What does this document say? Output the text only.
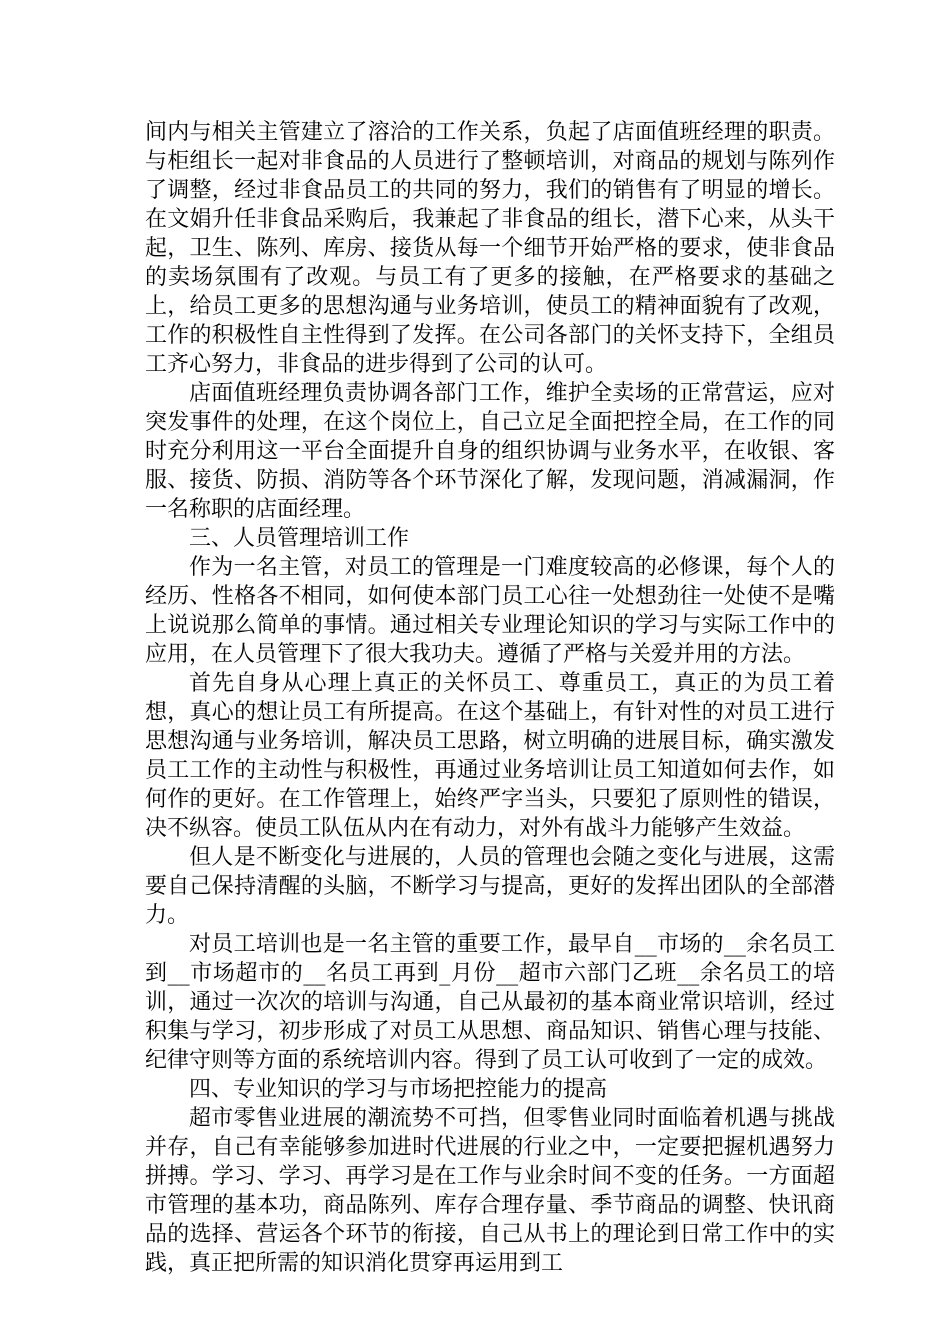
间内与相关主管建立了溶洽的工作关系，负起了店面值班经理的职责。与柜组长一起对非食品的人员进行了整顿培训，对商品的规划与陈列作了调整，经过非食品员工的共同的努力，我们的销售有了明显的增长。在文娟升任非食品采购后，我兼起了非食品的组长，潜下心来，从头干起，卫生、陈列、库房、接货从每一个细节开始严格的要求，使非食品的卖场氛围有了改观。与员工有了更多的接触，在严格要求的基础之上，给员工更多的思想沟通与业务培训，使员工的精神面貌有了改观，工作的积极性自主性得到了发挥。在公司各部门的关怀支持下，全组员工齐心努力，非食品的进步得到了公司的认可。

店面值班经理负责协调各部门工作，维护全卖场的正常营运，应对突发事件的处理，在这个岗位上，自己立足全面把控全局，在工作的同时充分利用这一平台全面提升自身的组织协调与业务水平，在收银、客服、接货、防损、消防等各个环节深化了解，发现问题，消减漏洞，作一名称职的店面经理。

三、人员管理培训工作

作为一名主管，对员工的管理是一门难度较高的必修课，每个人的经历、性格各不相同，如何使本部门员工心往一处想劲往一处使不是嘴上说说那么简单的事情。通过相关专业理论知识的学习与实际工作中的应用，在人员管理下了很大我功夫。遵循了严格与关爱并用的方法。

首先自身从心理上真正的关怀员工、尊重员工，真正的为员工着想，真心的想让员工有所提高。在这个基础上，有针对性的对员工进行思想沟通与业务培训，解决员工思路，树立明确的进展目标，确实激发员工工作的主动性与积极性，再通过业务培训让员工知道如何去作，如何作的更好。在工作管理上，始终严字当头，只要犯了原则性的错误，决不纵容。使员工队伍从内在有动力，对外有战斗力能够产生效益。

但人是不断变化与进展的，人员的管理也会随之变化与进展，这需要自己保持清醒的头脑，不断学习与提高，更好的发挥出团队的全部潜力。

对员工培训也是一名主管的重要工作，最早自__市场的__余名员工到__市场超市的__名员工再到_月份__超市六部门乙班__余名员工的培训，通过一次次的培训与沟通，自己从最初的基本商业常识培训，经过积集与学习，初步形成了对员工从思想、商品知识、销售心理与技能、纪律守则等方面的系统培训内容。得到了员工认可收到了一定的成效。

四、专业知识的学习与市场把控能力的提高

超市零售业进展的潮流势不可挡，但零售业同时面临着机遇与挑战并存，自己有幸能够参加进时代进展的行业之中，一定要把握机遇努力拼搏。学习、学习、再学习是在工作与业余时间不变的任务。一方面超市管理的基本功，商品陈列、库存合理存量、季节商品的调整、快讯商品的选择、营运各个环节的衔接，自己从书上的理论到日常工作中的实践，真正把所需的知识消化贯穿再运用到工
